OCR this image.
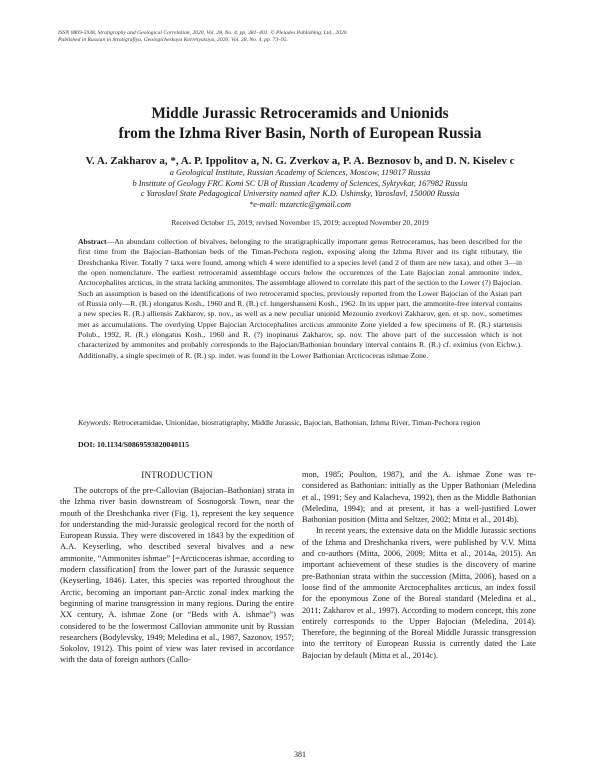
ISSN 0869-5938, Stratigraphy and Geological Correlation, 2020, Vol. 28, No. 4, pp. 381–401. © Pleiades Publishing, Ltd., 2020.
Published in Russian in Stratigrafiya, Geologicheskaya Korrelyatsiya, 2020, Vol. 28, No. 4, pp. 73–95.
Middle Jurassic Retroceramids and Unionids
from the Izhma River Basin, North of European Russia
V. A. Zakharov a, *, A. P. Ippolitov a, N. G. Zverkov a, P. A. Beznosov b, and D. N. Kiselev c
a Geological Institute, Russian Academy of Sciences, Moscow, 119017 Russia
b Institute of Geology FRC Komi SC UB of Russian Academy of Sciences, Syktyvkar, 167982 Russia
c Yaroslavl State Pedagogical University named after K.D. Ushinsky, Yaroslavl, 150000 Russia
*e-mail: mzarctic@gmail.com
Received October 15, 2019; revised November 15, 2019; accepted November 20, 2019
Abstract—An abundant collection of bivalves, belonging to the stratigraphically important genus Retroceramus, has been described for the first time from the Bajocian–Bathonian beds of the Timan-Pechora region, exposing along the Izhma River and its right tributary, the Dreshchanka River. Totally 7 taxa were found, among which 4 were identified to a species level (and 2 of them are new taxa), and other 3—in the open nomenclature. The earliest retroceramid assemblage occurs below the occurences of the Late Bajocian zonal ammonite index, Arctocephalites arcticus, in the strata lacking ammonites. The assemblage allowed to correlate this part of the section to the Lower (?) Bajocian. Such an assumption is based on the identifications of two retroceramid species, previously reported from the Lower Bajocian of the Asian part of Russia only—R. (R.) elongatus Kosh., 1960 and R. (R.) cf. lungershauseni Kosh., 1962. In its upper part, the ammonite-free interval contains a new species R. (R.) alliensis Zakharov, sp. nov., as well as a new peculiar unionid Mezounio zverkovi Zakharov, gen. et sp. nov., sometimes met as accumulations. The overlying Upper Bajocian Arctocephalites arcticus ammonite Zone yielded a few specimens of R. (R.) startensis Polub., 1992, R. (R.) elongatus Kosh., 1960 and R. (?) inopinatus Zakharov, sp. nov. The above part of the succession which is not characterized by ammonites and probably corresponds to the Bajocian/Bathonian boundary interval contains R. (R.) cf. eximius (von Eichw.). Additionally, a single specimen of R. (R.) sp. indet. was found in the Lower Bathonian Arcticoceras ishmae Zone.
Keywords: Retroceramidae, Unionidae, biostratigraphy, Middle Jurassic, Bajocian, Bathonian, Izhma River, Timan-Pechora region
DOI: 10.1134/S0869593820040115
INTRODUCTION

The outcrops of the pre-Callovian (Bajocian–Bathonian) strata in the Izhma river basin downstream of Sosnogorsk Town, near the mouth of the Dreshchanka river (Fig. 1), represent the key sequence for understanding the mid-Jurassic geological record for the north of European Russia. They were discovered in 1843 by the expedition of A.A. Keyserling, who described several bivalves and a new ammonite, “Ammonites ishmae” [=Arcticoceras ishmae, according to modern classification] from the lower part of the Jurassic sequence (Keyserling, 1846). Later, this species was reported throughout the Arctic, becoming an important pan-Arctic zonal index marking the beginning of marine transgression in many regions. During the entire XX century, A. ishmae Zone (or “Beds with A. ishmae”) was considered to be the lowermost Callovian ammonite unit by Russian researchers (Bodylevsky, 1949; Meledina et al., 1987, Sazonov, 1957; Sokolov, 1912). This point of view was later revised in accordance with the data of foreign authors (Callo-

mon, 1985; Poulton, 1987), and the A. ishmae Zone was re-considered as Bathonian: initially as the Upper Bathonian (Meledina et al., 1991; Sey and Kalacheva, 1992), then as the Middle Bathonian (Meledina, 1994); and at present, it has a well-justified Lower Bathonian position (Mitta and Seltzer, 2002; Mitta et al., 2014b).

In recent years, the extensive data on the Middle Jurassic sections of the Izhma and Dreshchanka rivers, were published by V.V. Mitta and co-authors (Mitta, 2006, 2009; Mitta et al., 2014a, 2015). An important achievement of these studies is the discovery of marine pre-Bathonian strata within the succession (Mitta, 2006), based on a loose find of the ammonite Arctocephalites arcticus, an index fossil for the eponymous Zone of the Boreal standard (Meledina et al., 2011; Zakharov et al., 1997). According to modern concept, this zone entirely corresponds to the Upper Bajocian (Meledina, 2014). Therefore, the beginning of the Boreal Middle Jurassic transgression into the territory of European Russia is currently dated the Late Bajocian by default (Mitta et al., 2014c).

381
